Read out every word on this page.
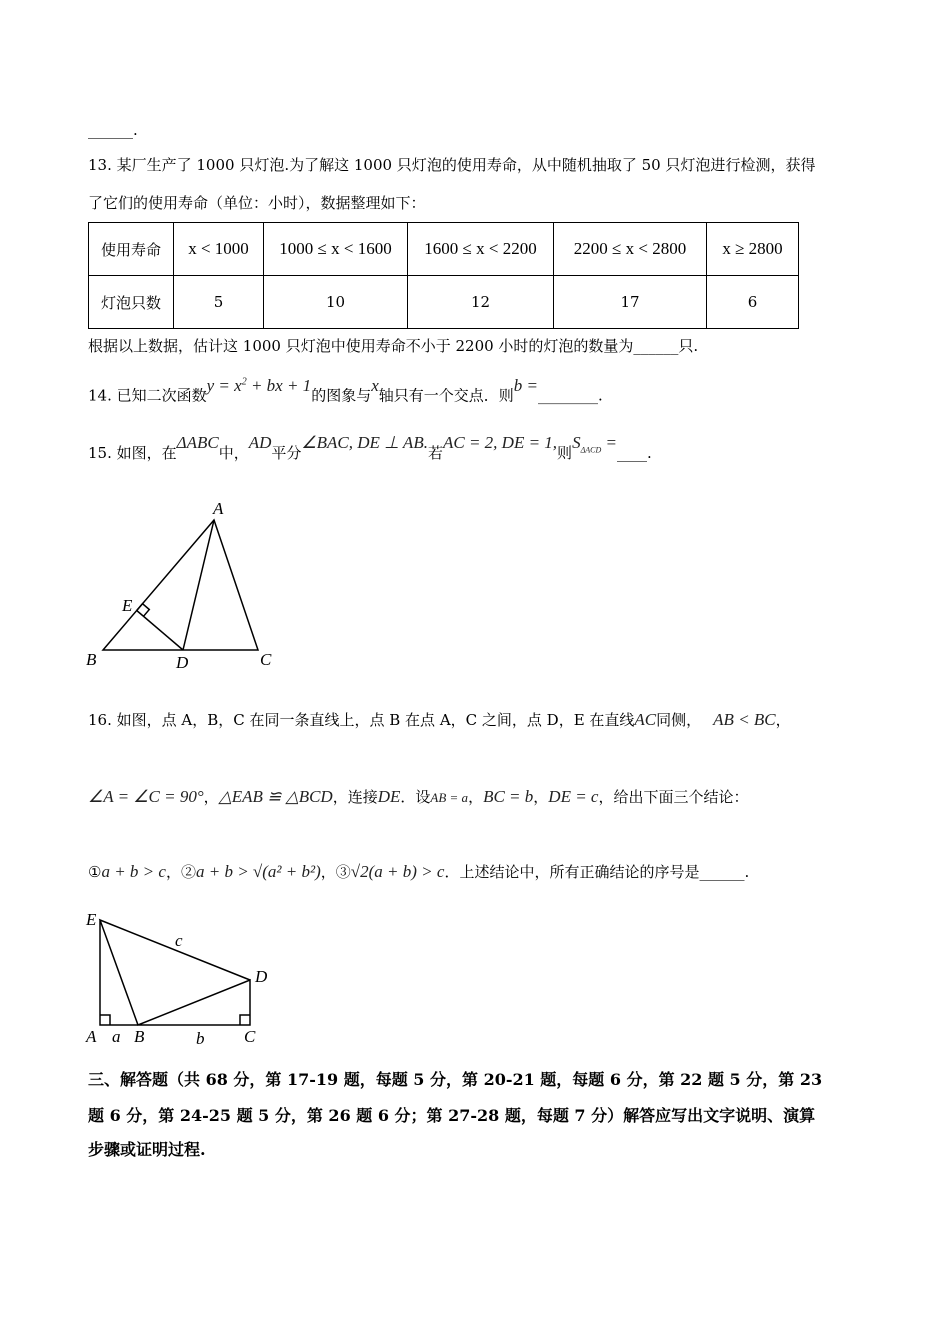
______.
13. 某厂生产了 1000 只灯泡.为了解这 1000 只灯泡的使用寿命，从中随机抽取了 50 只灯泡进行检测，获得
了它们的使用寿命（单位：小时），数据整理如下：
使用寿命	x < 1000	1000 ≤ x < 1600	1600 ≤ x < 2200	2200 ≤ x < 2800	x ≥ 2800
灯泡只数	5	10	12	17	6
根据以上数据，估计这 1000 只灯泡中使用寿命不小于 2200 小时的灯泡的数量为______只.
14. 已知二次函数$y = x^2$ + bx + 1的图象与x轴只有一个交点．则b =________.
15. 如图，在ΔABC中，AD平分∠BAC, DE ⊥ AB.若AC = 2, DE = 1,则$S_{\Delta ACD}$ =____.
A
B	C
D
E
E
A B	C
D
a	b
c
16. 如图，点 A，B，C 在同一条直线上，点 B 在点 A，C 之间，点 D，E 在直线AC同侧， AB < BC，
∠A = ∠C = 90°，△EAB ≌ △BCD，连接DE．设AB = a，BC = b，DE = c，给出下面三个结论：
①a + b > c，②a + b > √(a² + b²)，③√2(a + b) > c．上述结论中，所有正确结论的序号是______.
三、解答题（共 68 分，第 17-19 题，每题 5 分，第 20-21 题，每题 6 分，第 22 题 5 分，第 23
题 6 分，第 24-25 题 5 分，第 26 题 6 分；第 27-28 题，每题 7 分）解答应写出文字说明、演算
步骤或证明过程.
